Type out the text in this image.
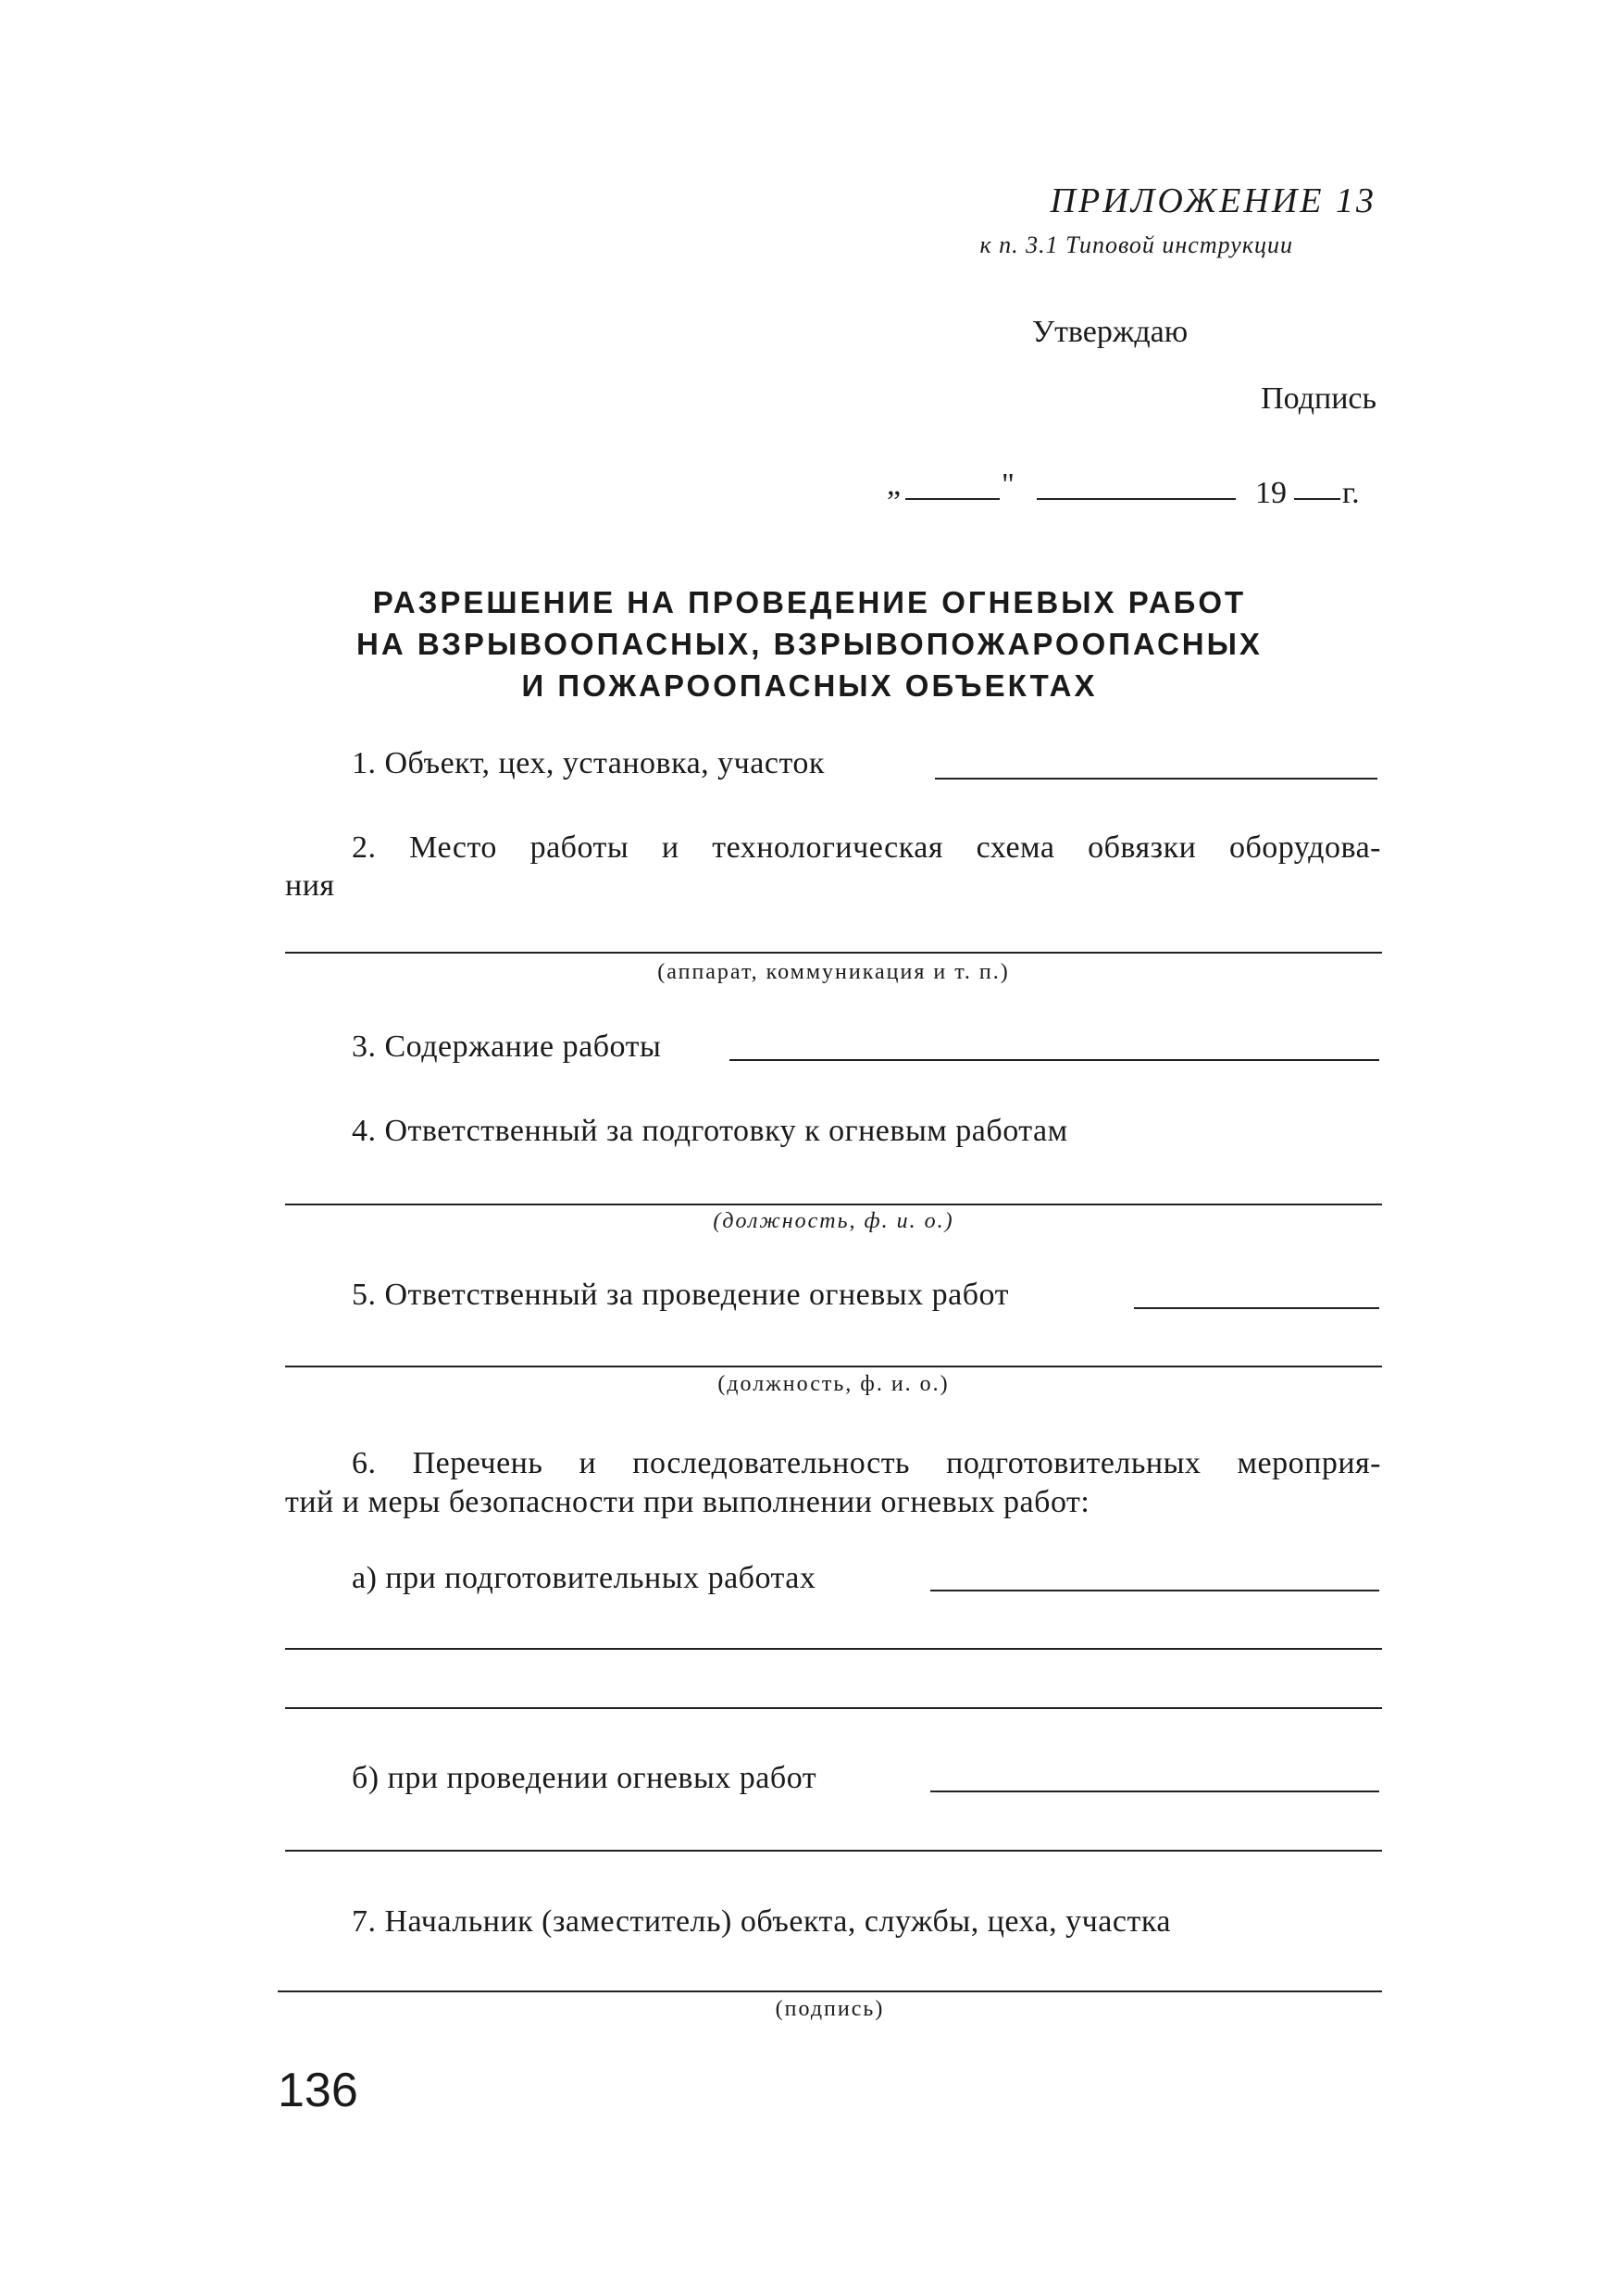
ПРИЛОЖЕНИЕ 13
к п. 3.1 Типовой инструкции
Утверждаю
Подпись
„	"	19 г.
РАЗРЕШЕНИЕ НА ПРОВЕДЕНИЕ ОГНЕВЫХ РАБОТ
НА ВЗРЫВООПАСНЫХ, ВЗРЫВОПОЖАРООПАСНЫХ
И ПОЖАРООПАСНЫХ ОБЪЕКТАХ
1. Объект, цех, установка, участок
2. Место работы и технологическая схема обвязки оборудова-
ния
(аппарат, коммуникация и т. п.)
3. Содержание работы
4. Ответственный за подготовку к огневым работам
(должность, ф. и. о.)
5. Ответственный за проведение огневых работ
(должность, ф. и. о.)
6. Перечень и последовательность подготовительных мероприя-
тий и меры безопасности при выполнении огневых работ:
а) при подготовительных работах
б) при проведении огневых работ
7. Начальник (заместитель) объекта, службы, цеха, участка
(подпись)
136
